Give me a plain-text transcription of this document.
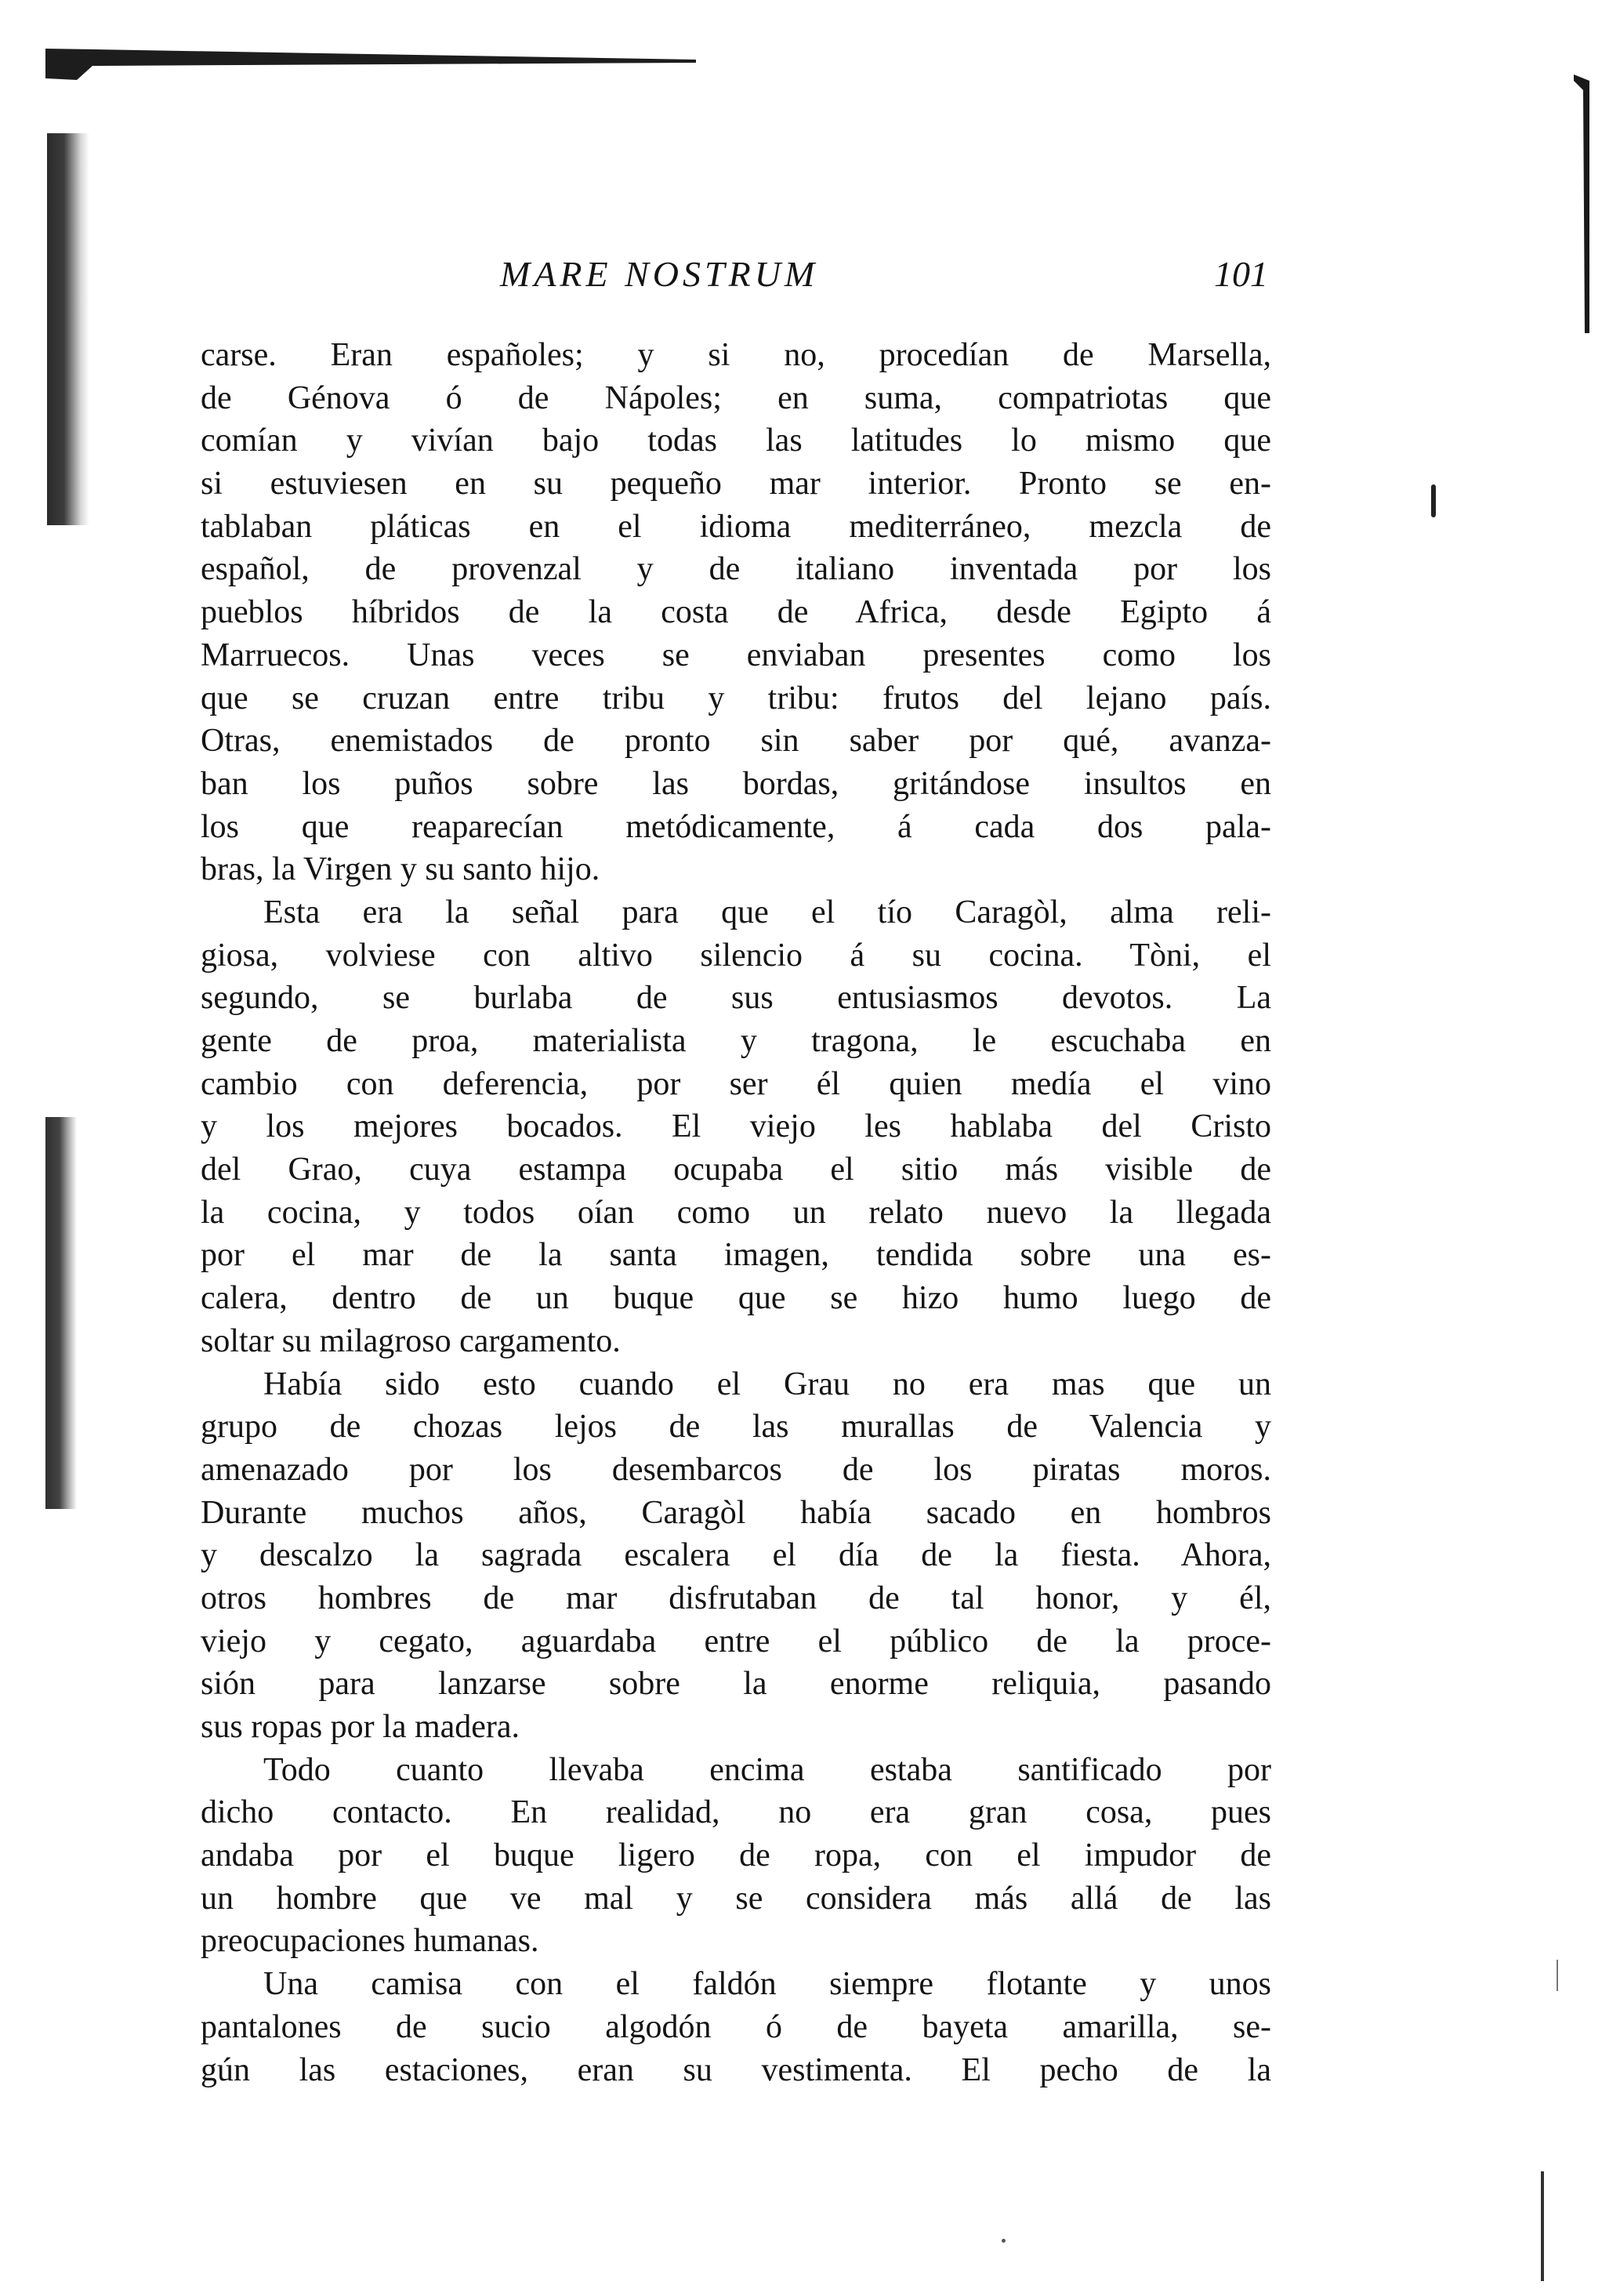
MARE NOSTRUM	101
carse. Eran españoles; y si no, procedían de Marsella,
de Génova ó de Nápoles; en suma, compatriotas que
comían y vivían bajo todas las latitudes lo mismo que
si estuviesen en su pequeño mar interior. Pronto se en-
tablaban pláticas en el idioma mediterráneo, mezcla de
español, de provenzal y de italiano inventada por los
pueblos híbridos de la costa de Africa, desde Egipto á
Marruecos. Unas veces se enviaban presentes como los
que se cruzan entre tribu y tribu: frutos del lejano país.
Otras, enemistados de pronto sin saber por qué, avanza-
ban los puños sobre las bordas, gritándose insultos en
los que reaparecían metódicamente, á cada dos pala-
bras, la Virgen y su santo hijo.
Esta era la señal para que el tío Caragòl, alma reli-
giosa, volviese con altivo silencio á su cocina. Tòni, el
segundo, se burlaba de sus entusiasmos devotos. La
gente de proa, materialista y tragona, le escuchaba en
cambio con deferencia, por ser él quien medía el vino
y los mejores bocados. El viejo les hablaba del Cristo
del Grao, cuya estampa ocupaba el sitio más visible de
la cocina, y todos oían como un relato nuevo la llegada
por el mar de la santa imagen, tendida sobre una es-
calera, dentro de un buque que se hizo humo luego de
soltar su milagroso cargamento.
Había sido esto cuando el Grau no era mas que un
grupo de chozas lejos de las murallas de Valencia y
amenazado por los desembarcos de los piratas moros.
Durante muchos años, Caragòl había sacado en hombros
y descalzo la sagrada escalera el día de la fiesta. Ahora,
otros hombres de mar disfrutaban de tal honor, y él,
viejo y cegato, aguardaba entre el público de la proce-
sión para lanzarse sobre la enorme reliquia, pasando
sus ropas por la madera.
Todo cuanto llevaba encima estaba santificado por
dicho contacto. En realidad, no era gran cosa, pues
andaba por el buque ligero de ropa, con el impudor de
un hombre que ve mal y se considera más allá de las
preocupaciones humanas.
Una camisa con el faldón siempre flotante y unos
pantalones de sucio algodón ó de bayeta amarilla, se-
gún las estaciones, eran su vestimenta. El pecho de la
